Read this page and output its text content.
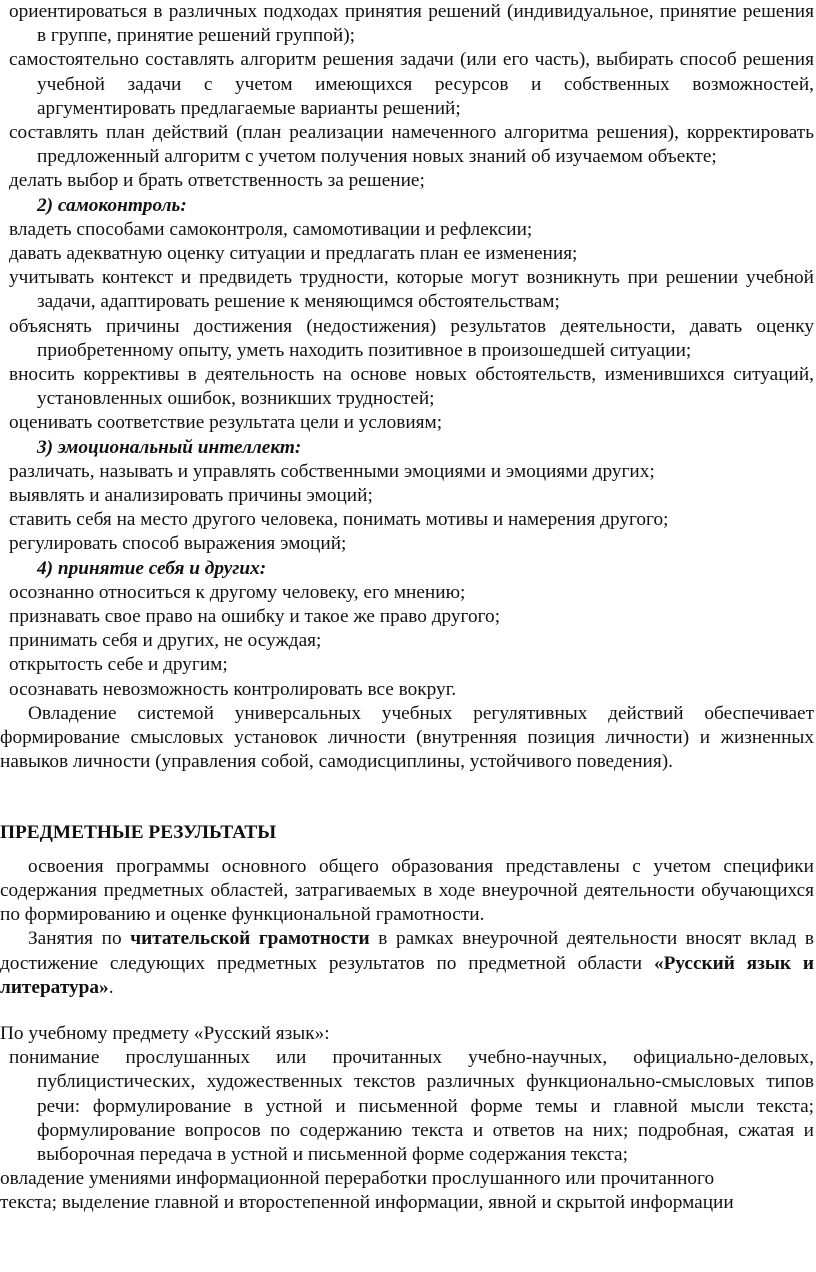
ориентироваться в различных подходах принятия решений (индивидуальное, принятие решения в группе, принятие решений группой);

самостоятельно составлять алгоритм решения задачи (или его часть), выбирать способ решения учебной задачи с учетом имеющихся ресурсов и собственных возможностей, аргументировать предлагаемые варианты решений;

составлять план действий (план реализации намеченного алгоритма решения), корректировать предложенный алгоритм с учетом получения новых знаний об изучаемом объекте;

делать выбор и брать ответственность за решение;

2) самоконтроль:

владеть способами самоконтроля, самомотивации и рефлексии;

давать адекватную оценку ситуации и предлагать план ее изменения;

учитывать контекст и предвидеть трудности, которые могут возникнуть при решении учебной задачи, адаптировать решение к меняющимся обстоятельствам;

объяснять причины достижения (недостижения) результатов деятельности, давать оценку приобретенному опыту, уметь находить позитивное в произошедшей ситуации;

вносить коррективы в деятельность на основе новых обстоятельств, изменившихся ситуаций, установленных ошибок, возникших трудностей;

оценивать соответствие результата цели и условиям;

3) эмоциональный интеллект:

различать, называть и управлять собственными эмоциями и эмоциями других;

выявлять и анализировать причины эмоций;

ставить себя на место другого человека, понимать мотивы и намерения другого;

регулировать способ выражения эмоций;

4) принятие себя и других:

осознанно относиться к другому человеку, его мнению;

признавать свое право на ошибку и такое же право другого;

принимать себя и других, не осуждая;

открытость себе и другим;

осознавать невозможность контролировать все вокруг.

Овладение системой универсальных учебных регулятивных действий обеспечивает формирование смысловых установок личности (внутренняя позиция личности) и жизненных навыков личности (управления собой, самодисциплины, устойчивого поведения).

ПРЕДМЕТНЫЕ РЕЗУЛЬТАТЫ

освоения программы основного общего образования представлены с учетом специфики содержания предметных областей, затрагиваемых в ходе внеурочной деятельности обучающихся по формированию и оценке функциональной грамотности.

Занятия по читательской грамотности в рамках внеурочной деятельности вносят вклад в достижение следующих предметных результатов по предметной области «Русский язык и литература».

По учебному предмету «Русский язык»:

понимание прослушанных или прочитанных учебно-научных, официально-деловых, публицистических, художественных текстов различных функционально-смысловых типов речи: формулирование в устной и письменной форме темы и главной мысли текста; формулирование вопросов по содержанию текста и ответов на них; подробная, сжатая и выборочная передача в устной и письменной форме содержания текста;

овладение умениями информационной переработки прослушанного или прочитанного

текста; выделение главной и второстепенной информации, явной и скрытой информации
